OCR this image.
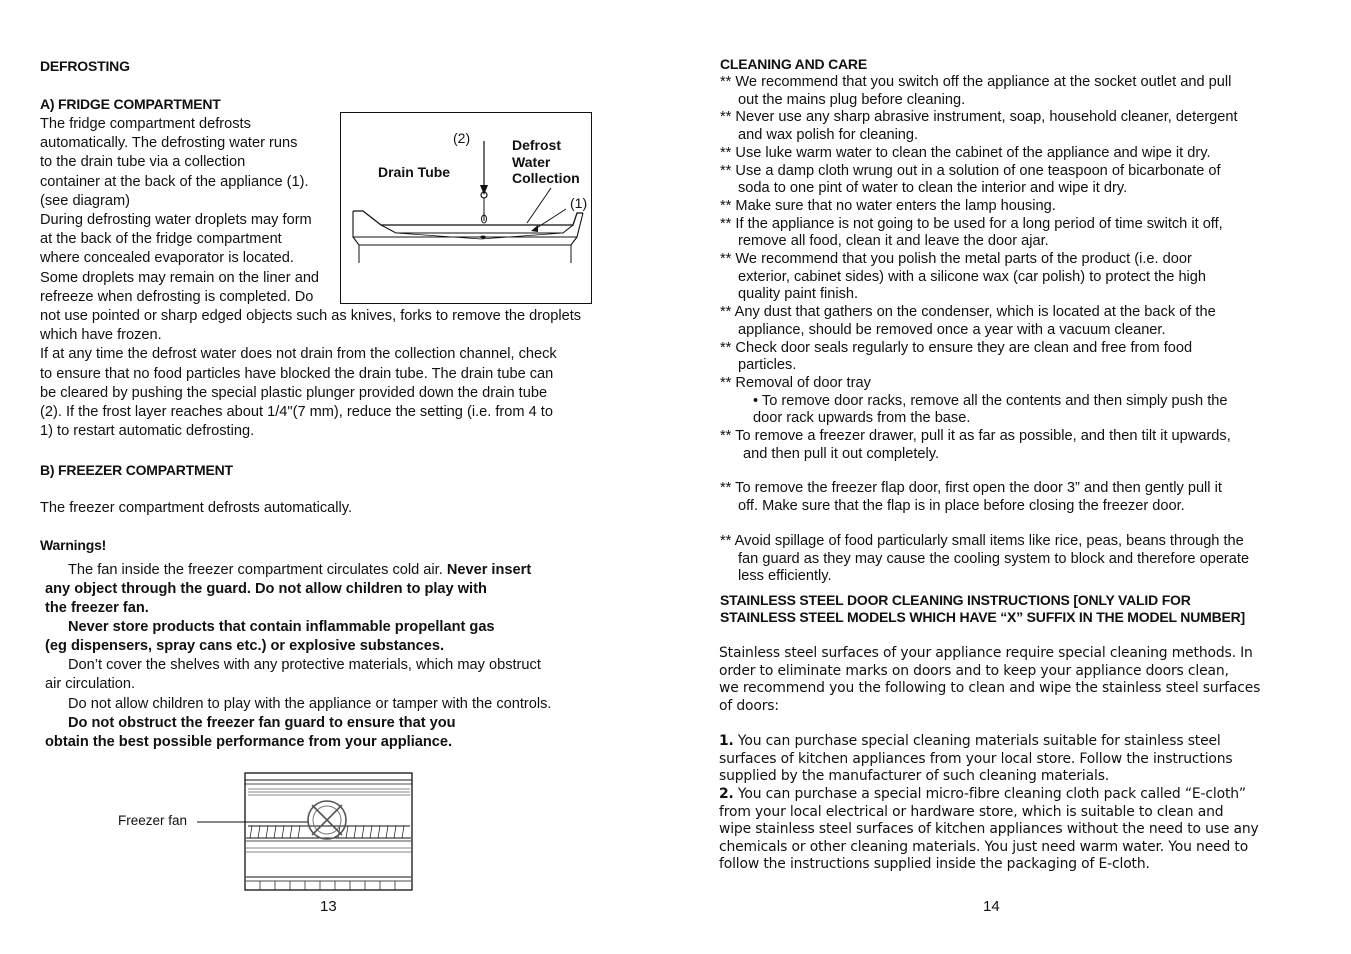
DEFROSTING
A) FRIDGE COMPARTMENT
The fridge compartment defrosts
automatically. The defrosting water runs
to the drain tube via a collection
container at the back of the appliance (1).
(see diagram)
During defrosting water droplets may form
at the back of the fridge compartment
where concealed evaporator is located.
Some droplets may remain on the liner and
refreeze when defrosting is completed. Do
not use pointed or sharp edged objects such as knives, forks to remove the droplets
which have frozen.
If at any time the defrost water does not drain from the collection channel, check
to ensure that no food particles have blocked the drain tube. The drain tube can
be cleared by pushing the special plastic plunger provided down the drain tube
(2). If the frost layer reaches about 1/4"(7 mm), reduce the setting (i.e. from 4 to
1) to restart automatic defrosting.
(2)
Drain Tube
Defrost
Water
Collection
(1)
B) FREEZER COMPARTMENT
The freezer compartment defrosts automatically.
Warnings!
The fan inside the freezer compartment circulates cold air. Never insert
any object through the guard. Do not allow children to play with
the freezer fan.
Never store products that contain inflammable propellant gas
(eg dispensers, spray cans etc.) or explosive substances.
Don’t cover the shelves with any protective materials, which may obstruct
air circulation.
Do not allow children to play with the appliance or tamper with the controls.
Do not obstruct the freezer fan guard to ensure that you
obtain the best possible performance from your appliance.
Freezer fan
13
CLEANING AND CARE
** We recommend that you switch off the appliance at the socket outlet and pull
out the mains plug before cleaning.
** Never use any sharp abrasive instrument, soap, household cleaner, detergent
and wax polish for cleaning.
** Use luke warm water to clean the cabinet of the appliance and wipe it dry.
** Use a damp cloth wrung out in a solution of one teaspoon of bicarbonate of
soda to one pint of water to clean the interior and wipe it dry.
** Make sure that no water enters the lamp housing.
** If the appliance is not going to be used for a long period of time switch it off,
remove all food, clean it and leave the door ajar.
** We recommend that you polish the metal parts of the product (i.e. door
exterior, cabinet sides) with a silicone wax (car polish) to protect the high
quality paint finish.
** Any dust that gathers on the condenser, which is located at the back of the
appliance, should be removed once a year with a vacuum cleaner.
** Check door seals regularly to ensure they are clean and free from food
particles.
** Removal of door tray
• To remove door racks, remove all the contents and then simply push the
door rack upwards from the base.
** To remove a freezer drawer, pull it as far as possible, and then tilt it upwards,
and then pull it out completely.
** To remove the freezer flap door, first open the door 3” and then gently pull it
off. Make sure that the flap is in place before closing the freezer door.
** Avoid spillage of food particularly small items like rice, peas, beans through the
fan guard as they may cause the cooling system to block and therefore operate
less efficiently.
STAINLESS STEEL DOOR CLEANING INSTRUCTIONS [ONLY VALID FOR
STAINLESS STEEL MODELS WHICH HAVE “X” SUFFIX IN THE MODEL NUMBER]
Stainless steel surfaces of your appliance require special cleaning methods. In
order to eliminate marks on doors and to keep your appliance doors clean,
we recommend you the following to clean and wipe the stainless steel surfaces
of doors:
1. You can purchase special cleaning materials suitable for stainless steel
surfaces of kitchen appliances from your local store. Follow the instructions
supplied by the manufacturer of such cleaning materials.
2. You can purchase a special micro-fibre cleaning cloth pack called “E-cloth”
from your local electrical or hardware store, which is suitable to clean and
wipe stainless steel surfaces of kitchen appliances without the need to use any
chemicals or other cleaning materials. You just need warm water. You need to
follow the instructions supplied inside the packaging of E-cloth.
14
